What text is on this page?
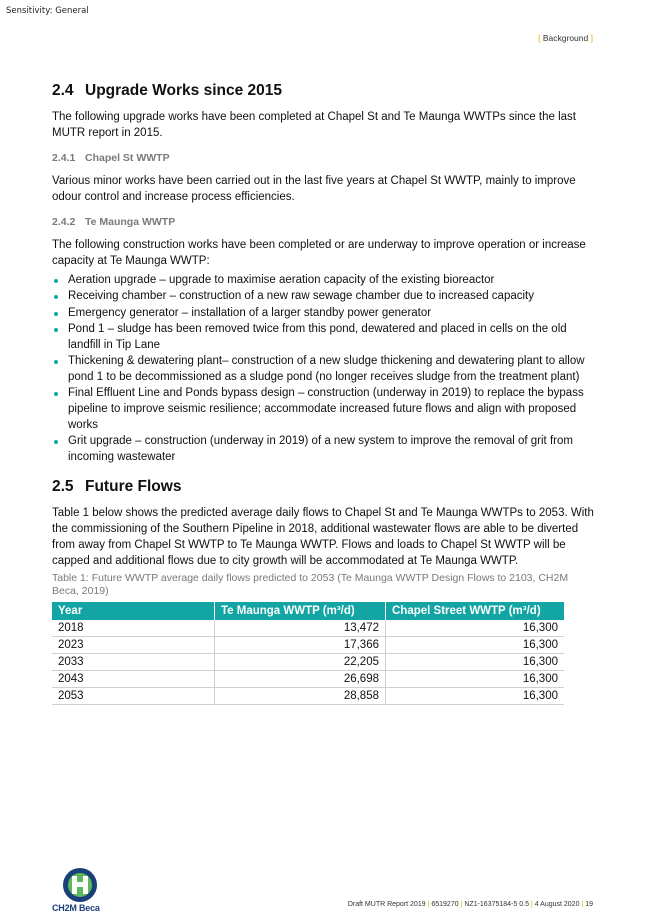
Sensitivity: General
[ Background ]
2.4 Upgrade Works since 2015

The following upgrade works have been completed at Chapel St and Te Maunga WWTPs since the last MUTR report in 2015.

2.4.1 Chapel St WWTP

Various minor works have been carried out in the last five years at Chapel St WWTP, mainly to improve odour control and increase process efficiencies.

2.4.2 Te Maunga WWTP

The following construction works have been completed or are underway to improve operation or increase capacity at Te Maunga WWTP:

Aeration upgrade – upgrade to maximise aeration capacity of the existing bioreactor
Receiving chamber – construction of a new raw sewage chamber due to increased capacity
Emergency generator – installation of a larger standby power generator
Pond 1 – sludge has been removed twice from this pond, dewatered and placed in cells on the old landfill in Tip Lane
Thickening & dewatering plant– construction of a new sludge thickening and dewatering plant to allow pond 1 to be decommissioned as a sludge pond (no longer receives sludge from the treatment plant)
Final Effluent Line and Ponds bypass design – construction (underway in 2019) to replace the bypass pipeline to improve seismic resilience; accommodate increased future flows and align with proposed works
Grit upgrade – construction (underway in 2019) of a new system to improve the removal of grit from incoming wastewater
2.5 Future Flows

Table 1 below shows the predicted average daily flows to Chapel St and Te Maunga WWTPs to 2053. With the commissioning of the Southern Pipeline in 2018, additional wastewater flows are able to be diverted from away from Chapel St WWTP to Te Maunga WWTP. Flows and loads to Chapel St WWTP will be capped and additional flows due to city growth will be accommodated at Te Maunga WWTP.

Table 1: Future WWTP average daily flows predicted to 2053 (Te Maunga WWTP Design Flows to 2103, CH2M Beca, 2019)
Year	Te Maunga WWTP (m³/d)	Chapel Street WWTP (m³/d)
2018	13,472	16,300
2023	17,366	16,300
2033	22,205	16,300
2043	26,698	16,300
2053	28,858	16,300
CH2M Beca	Draft MUTR Report 2019 | 6519270 | NZ1-16375184-5 0.5 | 4 August 2020 | 19
